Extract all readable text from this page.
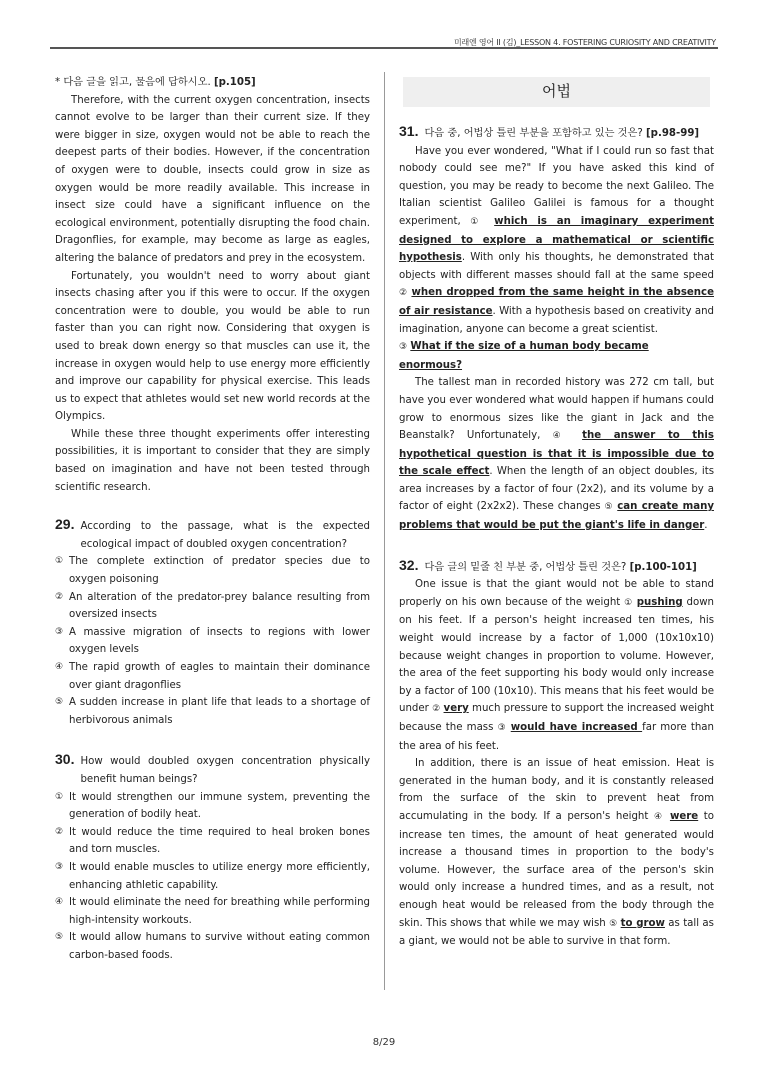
미래엔 영어 II (김)_LESSON 4. FOSTERING CURIOSITY AND CREATIVITY
* 다음 글을 읽고, 물음에 답하시오. [p.105]

Therefore, with the current oxygen concentration, insects cannot evolve to be larger than their current size. If they were bigger in size, oxygen would not be able to reach the deepest parts of their bodies. However, if the concentration of oxygen were to double, insects could grow in size as oxygen would be more readily available. This increase in insect size could have a significant influence on the ecological environment, potentially disrupting the food chain. Dragonflies, for example, may become as large as eagles, altering the balance of predators and prey in the ecosystem.

Fortunately, you wouldn't need to worry about giant insects chasing after you if this were to occur. If the oxygen concentration were to double, you would be able to run faster than you can right now. Considering that oxygen is used to break down energy so that muscles can use it, the increase in oxygen would help to use energy more efficiently and improve our capability for physical exercise. This leads us to expect that athletes would set new world records at the Olympics.

While these three thought experiments offer interesting possibilities, it is important to consider that they are simply based on imagination and have not been tested through scientific research.

29. According to the passage, what is the expected ecological impact of doubled oxygen concentration?
① The complete extinction of predator species due to oxygen poisoning
② An alteration of the predator-prey balance resulting from oversized insects
③ A massive migration of insects to regions with lower oxygen levels
④ The rapid growth of eagles to maintain their dominance over giant dragonflies
⑤ A sudden increase in plant life that leads to a shortage of herbivorous animals
30. How would doubled oxygen concentration physically benefit human beings?
① It would strengthen our immune system, preventing the generation of bodily heat.
② It would reduce the time required to heal broken bones and torn muscles.
③ It would enable muscles to utilize energy more efficiently, enhancing athletic capability.
④ It would eliminate the need for breathing while performing high-intensity workouts.
⑤ It would allow humans to survive without eating common carbon-based foods.
어법
31. 다음 중, 어법상 틀린 부분을 포함하고 있는 것은? [p.98-99]

Have you ever wondered, "What if I could run so fast that nobody could see me?" If you have asked this kind of question, you may be ready to become the next Galileo. The Italian scientist Galileo Galilei is famous for a thought experiment, ① which is an imaginary experiment designed to explore a mathematical or scientific hypothesis. With only his thoughts, he demonstrated that objects with different masses should fall at the same speed ② when dropped from the same height in the absence of air resistance. With a hypothesis based on creativity and imagination, anyone can become a great scientist.

③ What if the size of a human body became enormous?

The tallest man in recorded history was 272 cm tall, but have you ever wondered what would happen if humans could grow to enormous sizes like the giant in Jack and the Beanstalk? Unfortunately, ④ the answer to this hypothetical question is that it is impossible due to the scale effect. When the length of an object doubles, its area increases by a factor of four (2x2), and its volume by a factor of eight (2x2x2). These changes ⑤ can create many problems that would be put the giant's life in danger.

32. 다음 글의 밑줄 친 부분 중, 어법상 틀린 것은? [p.100-101]

One issue is that the giant would not be able to stand properly on his own because of the weight ① pushing down on his feet. If a person's height increased ten times, his weight would increase by a factor of 1,000 (10x10x10) because weight changes in proportion to volume. However, the area of the feet supporting his body would only increase by a factor of 100 (10x10). This means that his feet would be under ② very much pressure to support the increased weight because the mass ③ would have increased far more than the area of his feet.

In addition, there is an issue of heat emission. Heat is generated in the human body, and it is constantly released from the surface of the skin to prevent heat from accumulating in the body. If a person's height ④ were to increase ten times, the amount of heat generated would increase a thousand times in proportion to the body's volume. However, the surface area of the person's skin would only increase a hundred times, and as a result, not enough heat would be released from the body through the skin. This shows that while we may wish ⑤ to grow as tall as a giant, we would not be able to survive in that form.

8/29
